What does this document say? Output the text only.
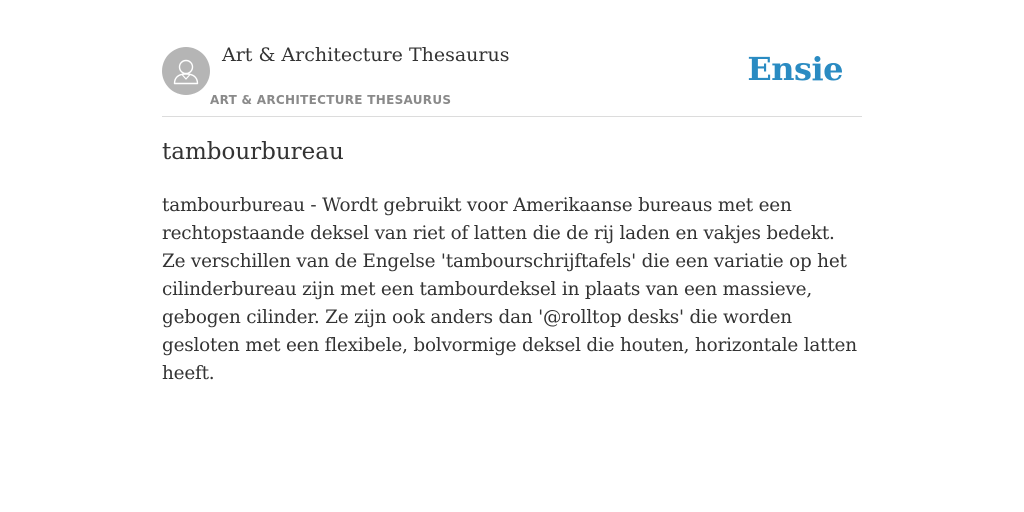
Art & Architecture Thesaurus
ART & ARCHITECTURE THESAURUS
Ensie
tambourbureau

tambourbureau - Wordt gebruikt voor Amerikaanse bureaus met een rechtopstaande deksel van riet of latten die de rij laden en vakjes bedekt. Ze verschillen van de Engelse 'tambourschrijftafels' die een variatie op het cilinderbureau zijn met een tambourdeksel in plaats van een massieve, gebogen cilinder. Ze zijn ook anders dan '@rolltop desks' die worden gesloten met een flexibele, bolvormige deksel die houten, horizontale latten heeft.
